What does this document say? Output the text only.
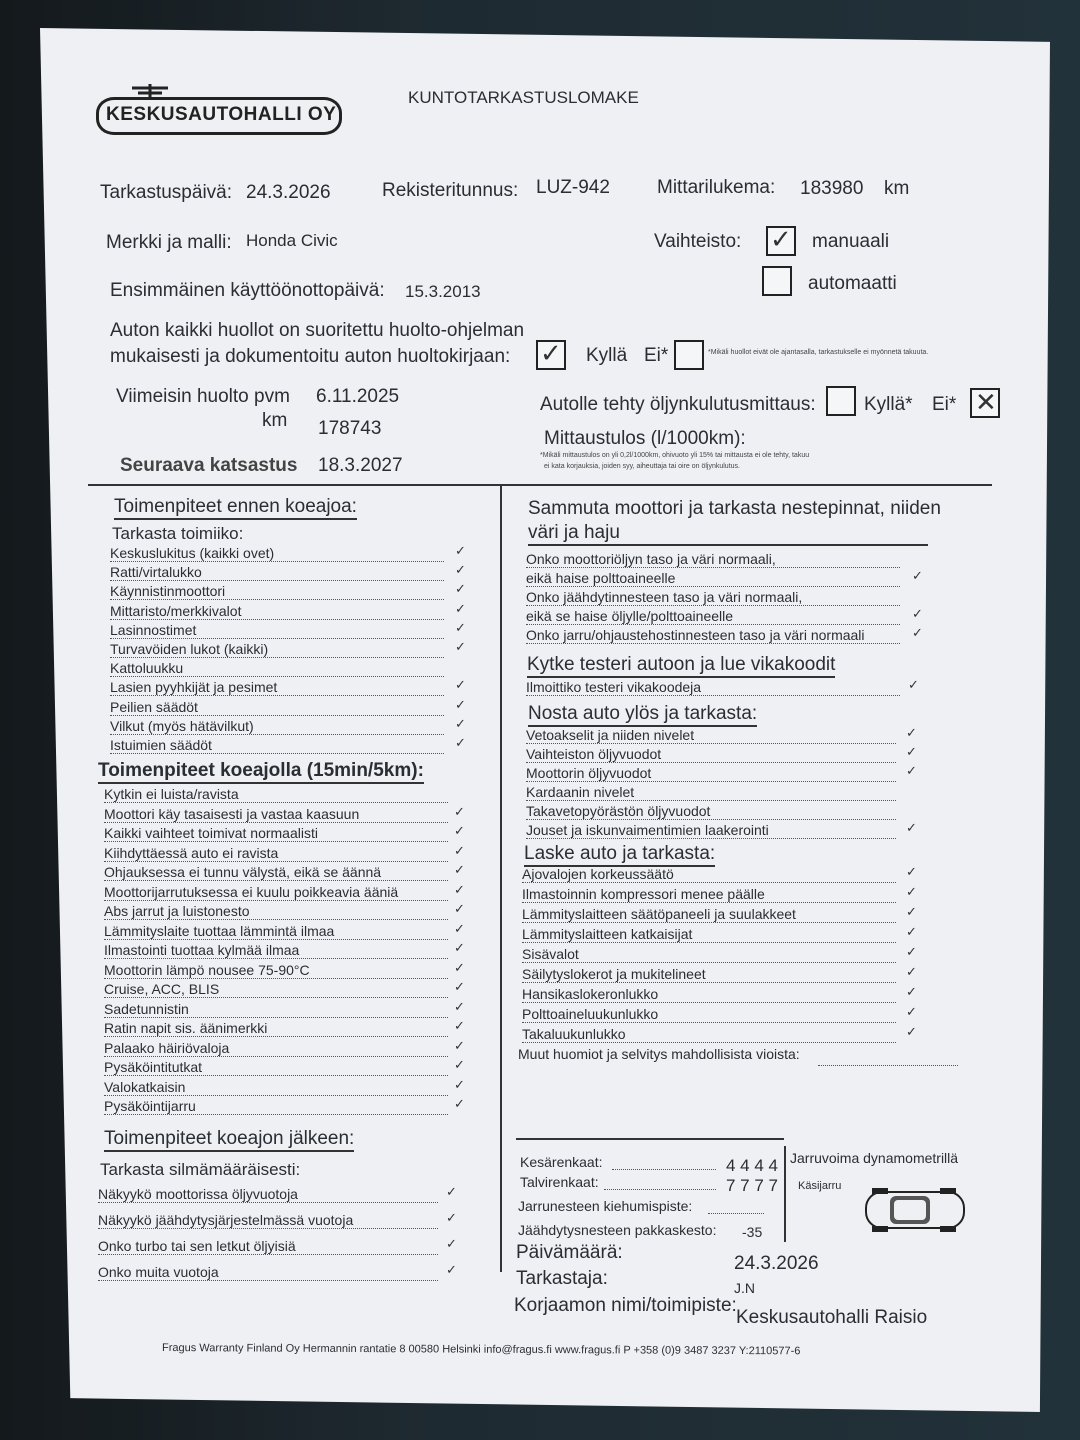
KESKUSAUTOHALLI OY
KUNTOTARKASTUSLOMAKE
Tarkastuspäivä: 24.3.2026	Rekisteritunnus: LUZ-942 Mittarilukema: 183980 km
Merkki ja malli: Honda Civic	Vaihteisto: ✓ manuaali
automaatti
Ensimmäinen käyttöönottopäivä: 15.3.2013
Auton kaikki huollot on suoritettu huolto-ohjelman
mukaisesti ja dokumentoitu auton huoltokirjaan: ✓ Kyllä Ei*	*Mikäli huollot eivät ole ajantasalla, tarkastukselle ei myönnetä takuuta.
Viimeisin huolto pvm 6.11.2025
km 178743
Seuraava katsastus 18.3.2027
Autolle tehty öljynkulutusmittaus:	Kyllä* Ei* ✕
Mittaustulos (l/1000km):
*Mikäli mittaustulos on yli 0,2l/1000km, ohivuoto yli 15% tai mittausta ei ole tehty, takuu
ei kata korjauksia, joiden syy, aiheuttaja tai oire on öljynkulutus.
Toimenpiteet ennen koeajoa:
Tarkasta toimiiko:
Keskuslukitus (kaikki ovet)	✓
Ratti/virtalukko	✓
Käynnistinmoottori	✓
Mittaristo/merkkivalot	✓
Lasinnostimet	✓
Turvavöiden lukot (kaikki)	✓
Kattoluukku
Lasien pyyhkijät ja pesimet	✓
Peilien säädöt	✓
Vilkut (myös hätävilkut)	✓
Istuimien säädöt	✓
Toimenpiteet koeajolla (15min/5km):
Kytkin ei luista/ravista
Moottori käy tasaisesti ja vastaa kaasuun	✓
Kaikki vaihteet toimivat normaalisti	✓
Kiihdyttäessä auto ei ravista	✓
Ohjauksessa ei tunnu välystä, eikä se äännä	✓
Moottorijarrutuksessa ei kuulu poikkeavia ääniä	✓
Abs jarrut ja luistonesto	✓
Lämmityslaite tuottaa lämmintä ilmaa	✓
Ilmastointi tuottaa kylmää ilmaa	✓
Moottorin lämpö nousee 75-90°C	✓
Cruise, ACC, BLIS	✓
Sadetunnistin	✓
Ratin napit sis. äänimerkki	✓
Palaako häiriövaloja	✓
Pysäköintitutkat	✓
Valokatkaisin	✓
Pysäköintijarru	✓
Toimenpiteet koeajon jälkeen:
Tarkasta silmämääräisesti:
Näkyykö moottorissa öljyvuotoja	✓
Näkyykö jäähdytysjärjestelmässä vuotoja	✓
Onko turbo tai sen letkut öljyisiä	✓
Onko muita vuotoja	✓
Sammuta moottori ja tarkasta nestepinnat, niiden
väri ja haju
Onko moottoriöljyn taso ja väri normaali,
eikä haise polttoaineelle	✓
Onko jäähdytinnesteen taso ja väri normaali,
eikä se haise öljylle/polttoaineelle	✓
Onko jarru/ohjaustehostinnesteen taso ja väri normaali	✓
Kytke testeri autoon ja lue vikakoodit
Ilmoittiko testeri vikakoodeja	✓
Nosta auto ylös ja tarkasta:
Vetoakselit ja niiden nivelet	✓
Vaihteiston öljyvuodot	✓
Moottorin öljyvuodot	✓
Kardaanin nivelet
Takavetopyörästön öljyvuodot
Jouset ja iskunvaimentimien laakerointi	✓
Laske auto ja tarkasta:
Ajovalojen korkeussäätö	✓
Ilmastoinnin kompressori menee päälle	✓
Lämmityslaitteen säätöpaneeli ja suulakkeet	✓
Lämmityslaitteen katkaisijat	✓
Sisävalot	✓
Säilytyslokerot ja mukitelineet	✓
Hansikaslokeronlukko	✓
Polttoaineluukunlukko	✓
Takaluukunlukko	✓
Muut huomiot ja selvitys mahdollisista vioista:
Kesärenkaat:	4 4 4 4
Talvirenkaat:	7 7 7 7
Jarrunesteen kiehumispiste:
Jäähdytysnesteen pakkaskesto: -35
Jarruvoima dynamometrillä
Käsijarru
Päivämäärä:
24.3.2026
Tarkastaja:	J.N
Korjaamon nimi/toimipiste:
Keskusautohalli Raisio
Fragus Warranty Finland Oy Hermannin rantatie 8 00580 Helsinki info@fragus.fi www.fragus.fi P +358 (0)9 3487 3237 Y:2110577-6
